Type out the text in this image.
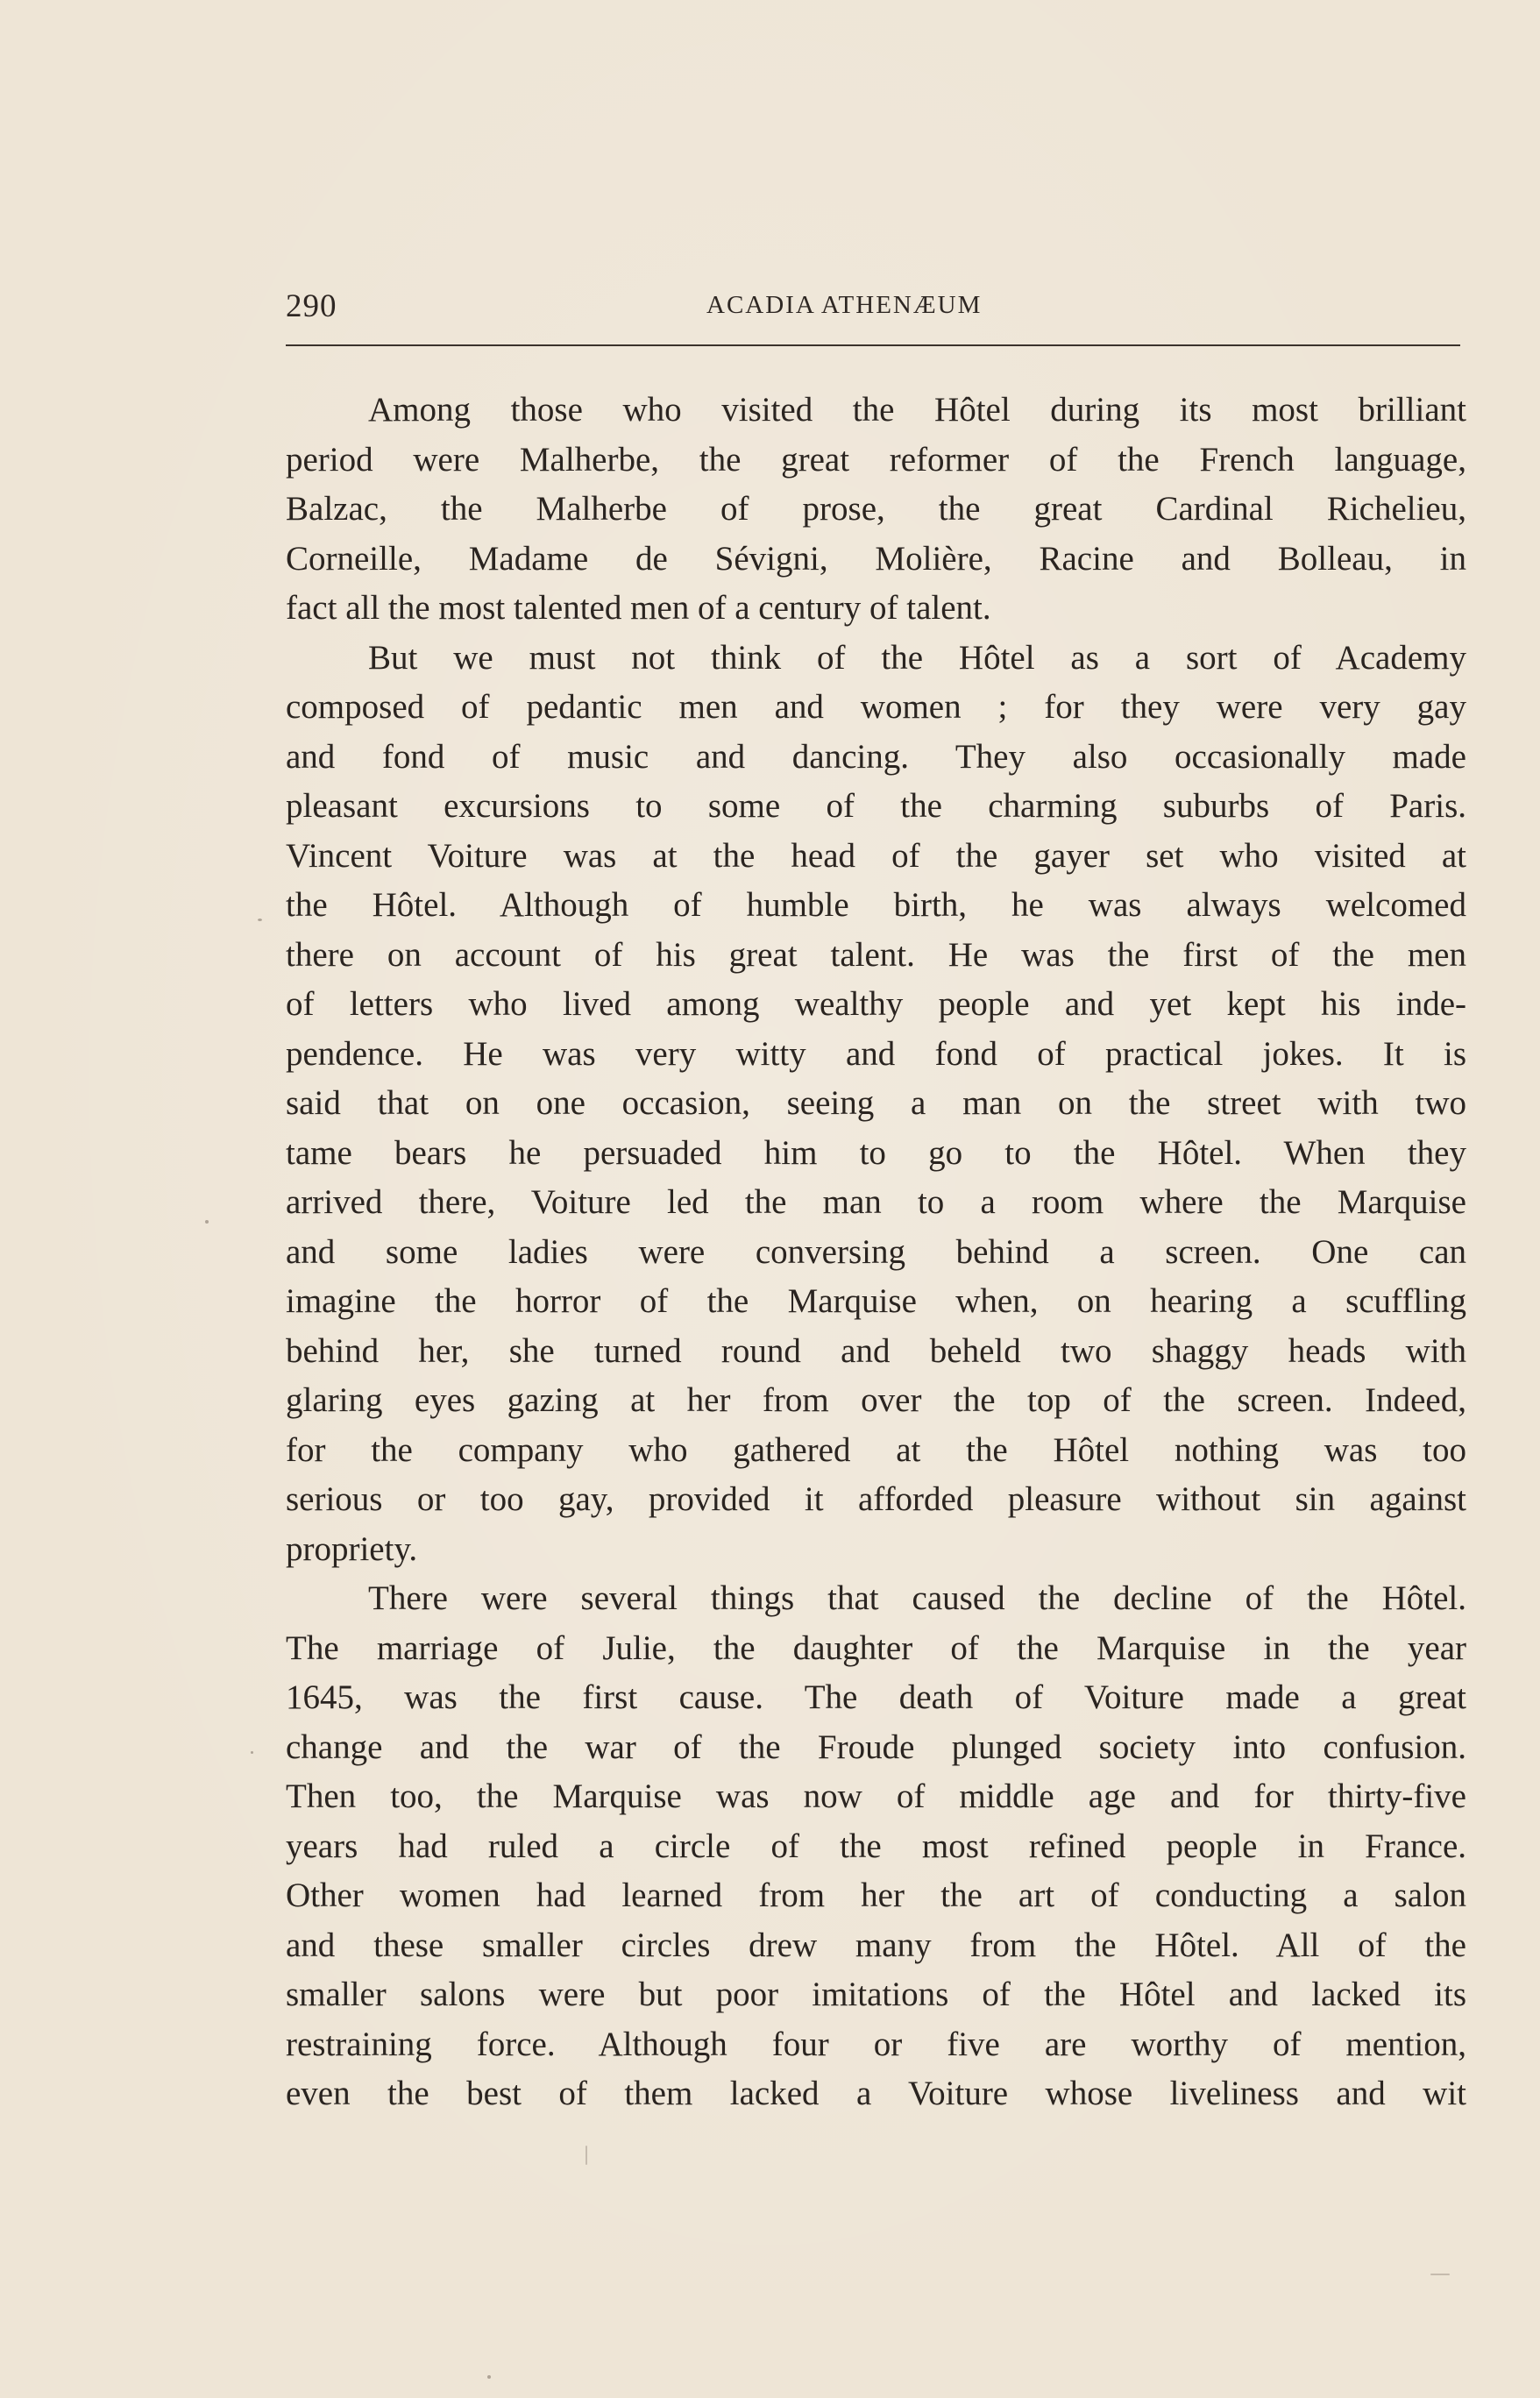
290	ACADIA ATHENÆUM
Among those who visited the Hôtel during its most brilliant
period were Malherbe, the great reformer of the French language,
Balzac, the Malherbe of prose, the great Cardinal Richelieu,
Corneille, Madame de Sévigni, Molière, Racine and Bolleau, in
fact all the most talented men of a century of talent.
But we must not think of the Hôtel as a sort of Academy
composed of pedantic men and women ; for they were very gay
and fond of music and dancing. They also occasionally made
pleasant excursions to some of the charming suburbs of Paris.
Vincent Voiture was at the head of the gayer set who visited at
the Hôtel. Although of humble birth, he was always welcomed
there on account of his great talent. He was the first of the men
of letters who lived among wealthy people and yet kept his inde-
pendence. He was very witty and fond of practical jokes. It is
said that on one occasion, seeing a man on the street with two
tame bears he persuaded him to go to the Hôtel. When they
arrived there, Voiture led the man to a room where the Marquise
and some ladies were conversing behind a screen. One can
imagine the horror of the Marquise when, on hearing a scuffling
behind her, she turned round and beheld two shaggy heads with
glaring eyes gazing at her from over the top of the screen. Indeed,
for the company who gathered at the Hôtel nothing was too
serious or too gay, provided it afforded pleasure without sin against
propriety.
There were several things that caused the decline of the Hôtel.
The marriage of Julie, the daughter of the Marquise in the year
1645, was the first cause. The death of Voiture made a great
change and the war of the Froude plunged society into confusion.
Then too, the Marquise was now of middle age and for thirty-five
years had ruled a circle of the most refined people in France.
Other women had learned from her the art of conducting a salon
and these smaller circles drew many from the Hôtel. All of the
smaller salons were but poor imitations of the Hôtel and lacked its
restraining force. Although four or five are worthy of mention,
even the best of them lacked a Voiture whose liveliness and wit
